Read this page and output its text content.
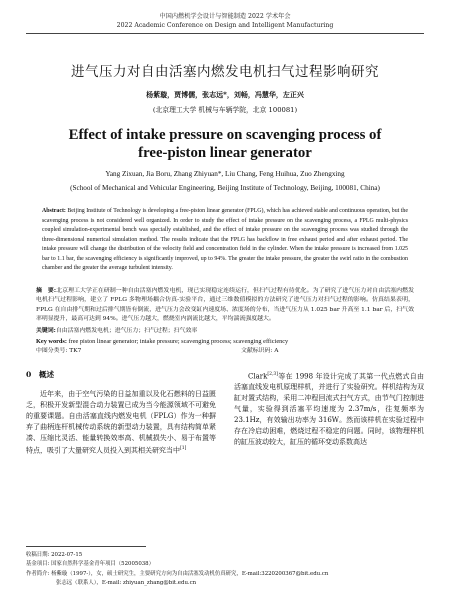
中国内燃机学会设计与智能制造 2022 学术年会
2022 Academic Conference on Design and Intelligent Manufacturing
进气压力对自由活塞内燃发电机扫气过程影响研究
杨紫璇，贾博儒，张志远*，刘畅，冯慧华，左正兴
(北京理工大学 机械与车辆学院，北京 100081)
Effect of intake pressure on scavenging process of
free-piston linear generator
Yang Zixuan, Jia Boru, Zhang Zhiyuan*, Liu Chang, Feng Huihua, Zuo Zhengxing
(School of Mechanical and Vehicular Engineering, Beijing Institute of Technology, Beijing, 100081, China)
Abstract: Beijing Institute of Technology is developing a free-piston linear generator (FPLG), which has achieved stable and continuous operation, but the scavenging process is not considered well organized. In order to study the effect of intake pressure on the scavenging process, a FPLG multi-physics coupled simulation-experimental bench was specially established, and the effect of intake pressure on the scavenging process was studied through the three-dimensional numerical simulation method. The results indicate that the FPLG has backflow in free exhaust period and after exhaust period. The intake pressure will change the distribution of the velocity field and concentration field in the cylinder. When the intake pressure is increased from 1.025 bar to 1.1 bar, the scavenging efficiency is significantly improved, up to 94%. The greater the intake pressure, the greater the swirl ratio in the combustion chamber and the greater the average turbulent intensity.
摘　要:北京理工大学正在研制一种自由活塞内燃发电机，现已实现稳定连续运行，但扫气过程有待优化。为了研究了进气压力对自由活塞内燃发电机扫气过程影响，建立了 FPLG 多物理场耦合仿真-实验平台，通过三维数值模拟的方法研究了进气压力对扫气过程的影响。仿真结果表明，FPLG 在自由排气期和过后排气期皆有倒流，进气压力会改变缸内速度场、浓度场的分布，当进气压力从 1.025 bar 升高至 1.1 bar 后，扫气效率明显提升，最高可达到 94%。进气压力越大，燃烧室内涡流比越大，平均湍流强度越大。
关键词:自由活塞内燃发电机；进气压力；扫气过程；扫气效率
Key words: free piston linear generator; intake pressure; scavenging process; scavenging efficiency
中图分类号: TK7	文献标识码: A
0　概述

近年来，由于空气污染的日益加重以及化石燃料的日益匮乏，积极开发新型混合动力装置已成为当今能源领域不可避免的重要课题。自由活塞直线内燃发电机（FPLG）作为一种摒弃了曲柄连杆机械传动系统的新型动力装置，具有结构简单紧凑、压缩比灵活、能量转换效率高、机械损失小、易于布置等特点，吸引了大量研究人员投入到其相关研究当中[1]

Clark[2,3]等在 1998 年设计完成了其第一代点燃式自由活塞直线发电机原理样机，并进行了实验研究。样机结构为双缸对置式结构，采用二冲程回流式扫气方式，由节气门控制进气量，实验得到活塞平均速度为 2.37m/s，往复频率为 23.1Hz，有效输出功率为 316W。然而该样机在实验过程中存在冷启动困难，燃烧过程不稳定的问题。同时，该物理样机的缸压波动较大，缸压的循环变动系数高达

收稿日期: 2022-07-15
基金项目: 国家自然科学基金青年项目（52005038）
作者简介: 杨紫璇（1997-），女，硕士研究生，主要研究方向为自由活塞发动机仿真研究，E-mail:3220200367@bit.edu.cn
张志远（联系人），E-mail: zhiyuan_zhang@bit.edu.cn
